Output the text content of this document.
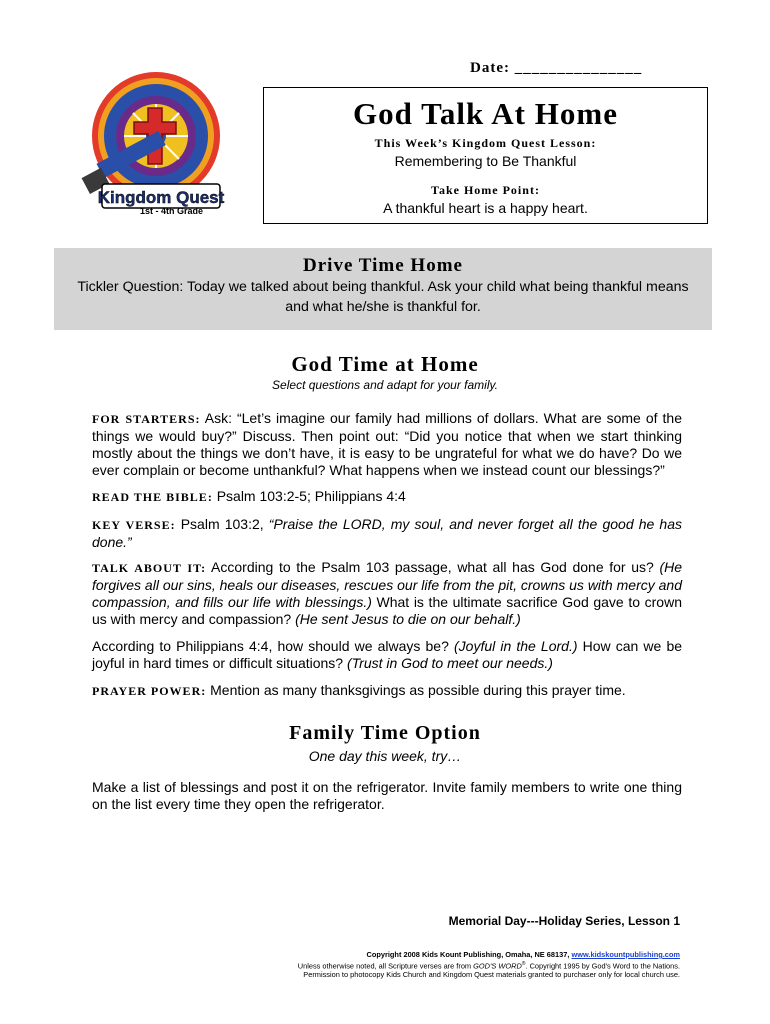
Date: _______________
Kingdom Quest
1st - 4th Grade
God Talk At Home
This Week’s Kingdom Quest Lesson:
Remembering to Be Thankful
Take Home Point:
A thankful heart is a happy heart.
Drive Time Home
Tickler Question: Today we talked about being thankful. Ask your child what being thankful means
and what he/she is thankful for.
God Time at Home
Select questions and adapt for your family.

FOR STARTERS: Ask: “Let’s imagine our family had millions of dollars. What are some of the things we would buy?” Discuss. Then point out: “Did you notice that when we start thinking mostly about the things we don’t have, it is easy to be ungrateful for what we do have? Do we ever complain or become unthankful? What happens when we instead count our blessings?”

READ THE BIBLE: Psalm 103:2-5; Philippians 4:4

KEY VERSE: Psalm 103:2, “Praise the LORD, my soul, and never forget all the good he has done.”

TALK ABOUT IT: According to the Psalm 103 passage, what all has God done for us? (He forgives all our sins, heals our diseases, rescues our life from the pit, crowns us with mercy and compassion, and fills our life with blessings.) What is the ultimate sacrifice God gave to crown us with mercy and compassion? (He sent Jesus to die on our behalf.)

According to Philippians 4:4, how should we always be? (Joyful in the Lord.) How can we be joyful in hard times or difficult situations? (Trust in God to meet our needs.)

PRAYER POWER: Mention as many thanksgivings as possible during this prayer time.

Family Time Option
One day this week, try…

Make a list of blessings and post it on the refrigerator. Invite family members to write one thing on the list every time they open the refrigerator.

Memorial Day---Holiday Series, Lesson 1
Copyright 2008 Kids Kount Publishing, Omaha, NE 68137, www.kidskountpublishing.com
Unless otherwise noted, all Scripture verses are from GOD'S WORD®. Copyright 1995 by God's Word to the Nations.
Permission to photocopy Kids Church and Kingdom Quest materials granted to purchaser only for local church use.
